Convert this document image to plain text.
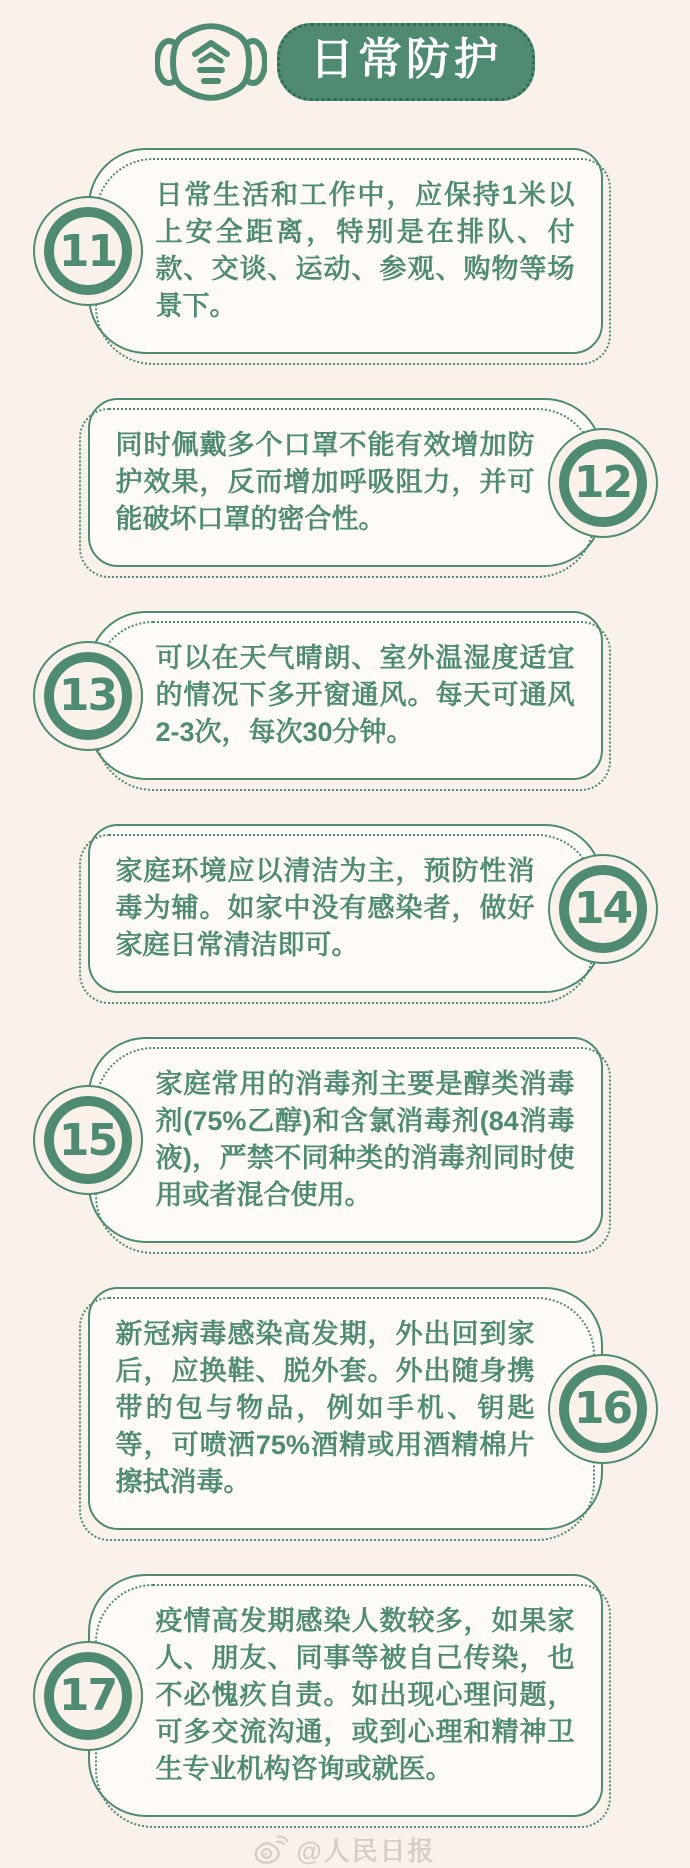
日常防护
11

日常生活和工作中，应保持1米以上安全距离，特别是在排队、付款、交谈、运动、参观、购物等场景下。

12

同时佩戴多个口罩不能有效增加防护效果，反而增加呼吸阻力，并可能破坏口罩的密合性。

13

可以在天气晴朗、室外温湿度适宜的情况下多开窗通风。每天可通风2-3次，每次30分钟。

14

家庭环境应以清洁为主，预防性消毒为辅。如家中没有感染者，做好家庭日常清洁即可。

15

家庭常用的消毒剂主要是醇类消毒剂(75%乙醇)和含氯消毒剂(84消毒液)，严禁不同种类的消毒剂同时使用或者混合使用。

16

新冠病毒感染高发期，外出回到家后，应换鞋、脱外套。外出随身携带的包与物品，例如手机、钥匙等，可喷洒75%酒精或用酒精棉片擦拭消毒。

17

疫情高发期感染人数较多，如果家人、朋友、同事等被自己传染，也不必愧疚自责。如出现心理问题，可多交流沟通，或到心理和精神卫生专业机构咨询或就医。

@人民日报
